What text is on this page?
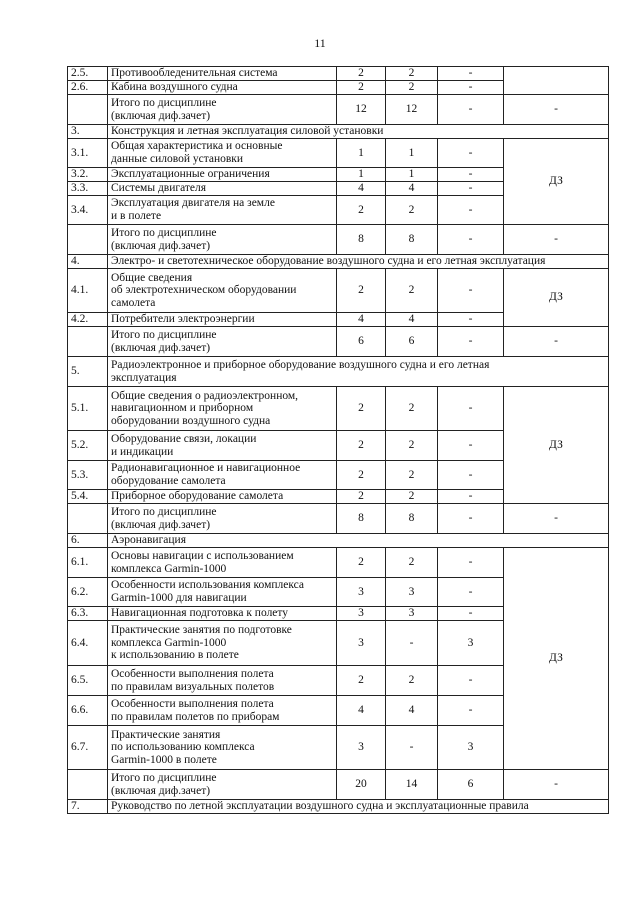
11
2.5.	Противообледенительная система	2	2	-	
2.6.	Кабина воздушного судна	2	2	-	
	Итого по дисциплине
(включая диф.зачет)	12	12	-	-
3.	Конструкция и летная эксплуатация силовой установки				
3.1.	Общая характеристика и основные
данные силовой установки	1	1	-	ДЗ
3.2.	Эксплуатационные ограничения	1	1	-	
3.3.	Системы двигателя	4	4	-	
3.4.	Эксплуатация двигателя на земле
и в полете	2	2	-	
	Итого по дисциплине
(включая диф.зачет)	8	8	-	-
4.	Электро- и светотехническое оборудование воздушного судна и его летная эксплуатация				
4.1.	Общие сведения
об электротехническом оборудовании
самолета	2	2	-	ДЗ
4.2.	Потребители электроэнергии	4	4	-	
	Итого по дисциплине
(включая диф.зачет)	6	6	-	-
5.	Радиоэлектронное и приборное оборудование воздушного судна и его летная
эксплуатация				
5.1.	Общие сведения о радиоэлектронном,
навигационном и приборном
оборудовании воздушного судна	2	2	-	ДЗ
5.2.	Оборудование связи, локации
и индикации	2	2	-	
5.3.	Радионавигационное и навигационное
оборудование самолета	2	2	-	
5.4.	Приборное оборудование самолета	2	2	-	
	Итого по дисциплине
(включая диф.зачет)	8	8	-	-
6.	Аэронавигация				
6.1.	Основы навигации с использованием
комплекса Garmin-1000	2	2	-	ДЗ
6.2.	Особенности использования комплекса
Garmin-1000 для навигации	3	3	-	
6.3.	Навигационная подготовка к полету	3	3	-	
6.4.	Практические занятия по подготовке
комплекса Garmin-1000
к использованию в полете	3	-	3	
6.5.	Особенности выполнения полета
по правилам визуальных полетов	2	2	-	
6.6.	Особенности выполнения полета
по правилам полетов по приборам	4	4	-	
6.7.	Практические занятия
по использованию комплекса
Garmin-1000 в полете	3	-	3	
	Итого по дисциплине
(включая диф.зачет)	20	14	6	-
7.	Руководство по летной эксплуатации воздушного судна и эксплуатационные правила				
